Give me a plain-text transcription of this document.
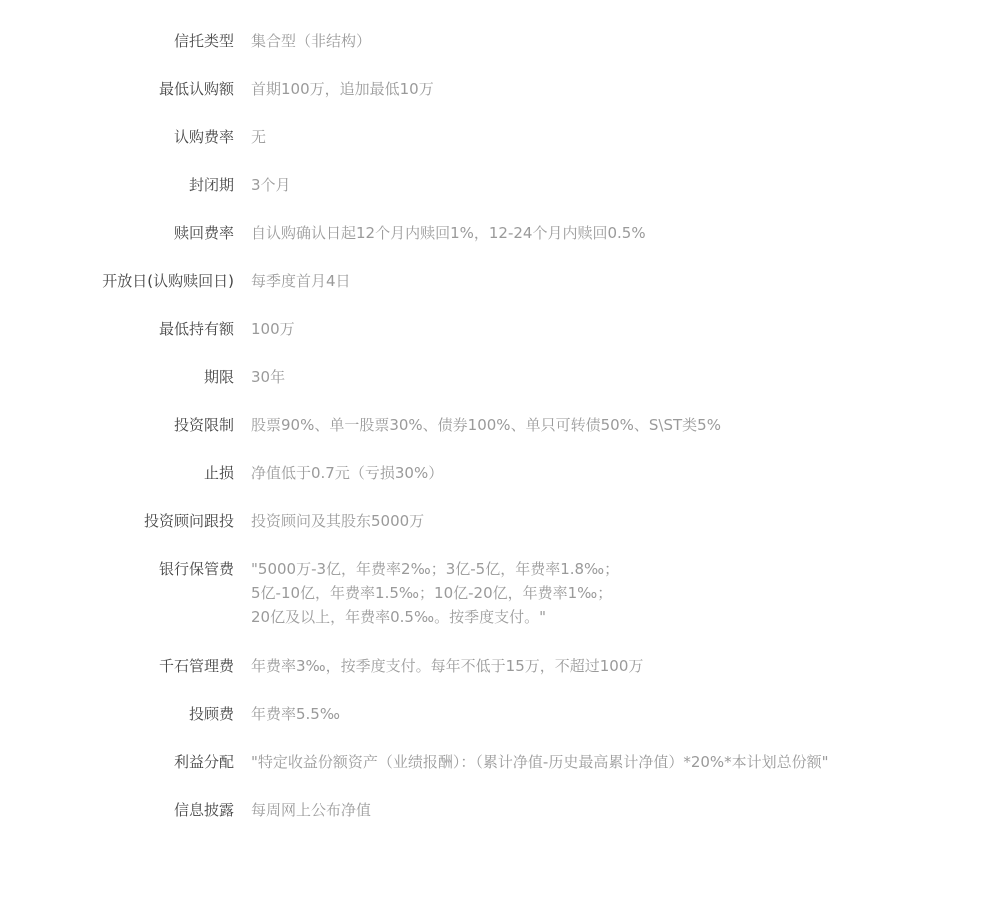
信托类型 集合型（非结构）
最低认购额 首期100万，追加最低10万
认购费率 无
封闭期 3个月
赎回费率 自认购确认日起12个月内赎回1%，12-24个月内赎回0.5%
开放日(认购赎回日) 每季度首月4日
最低持有额 100万
期限 30年
投资限制 股票90%、单一股票30%、债券100%、单只可转债50%、S\ST类5%
止损 净值低于0.7元（亏损30%）
投资顾问跟投 投资顾问及其股东5000万
银行保管费 "5000万-3亿，年费率2‰；3亿-5亿，年费率1.8‰；
5亿-10亿，年费率1.5‰；10亿-20亿，年费率1‰；
20亿及以上，年费率0.5‰。按季度支付。"
千石管理费 年费率3‰，按季度支付。每年不低于15万，不超过100万
投顾费 年费率5.5‰
利益分配 "特定收益份额资产（业绩报酬）：（累计净值-历史最高累计净值）*20%*本计划总份额"
信息披露 每周网上公布净值
